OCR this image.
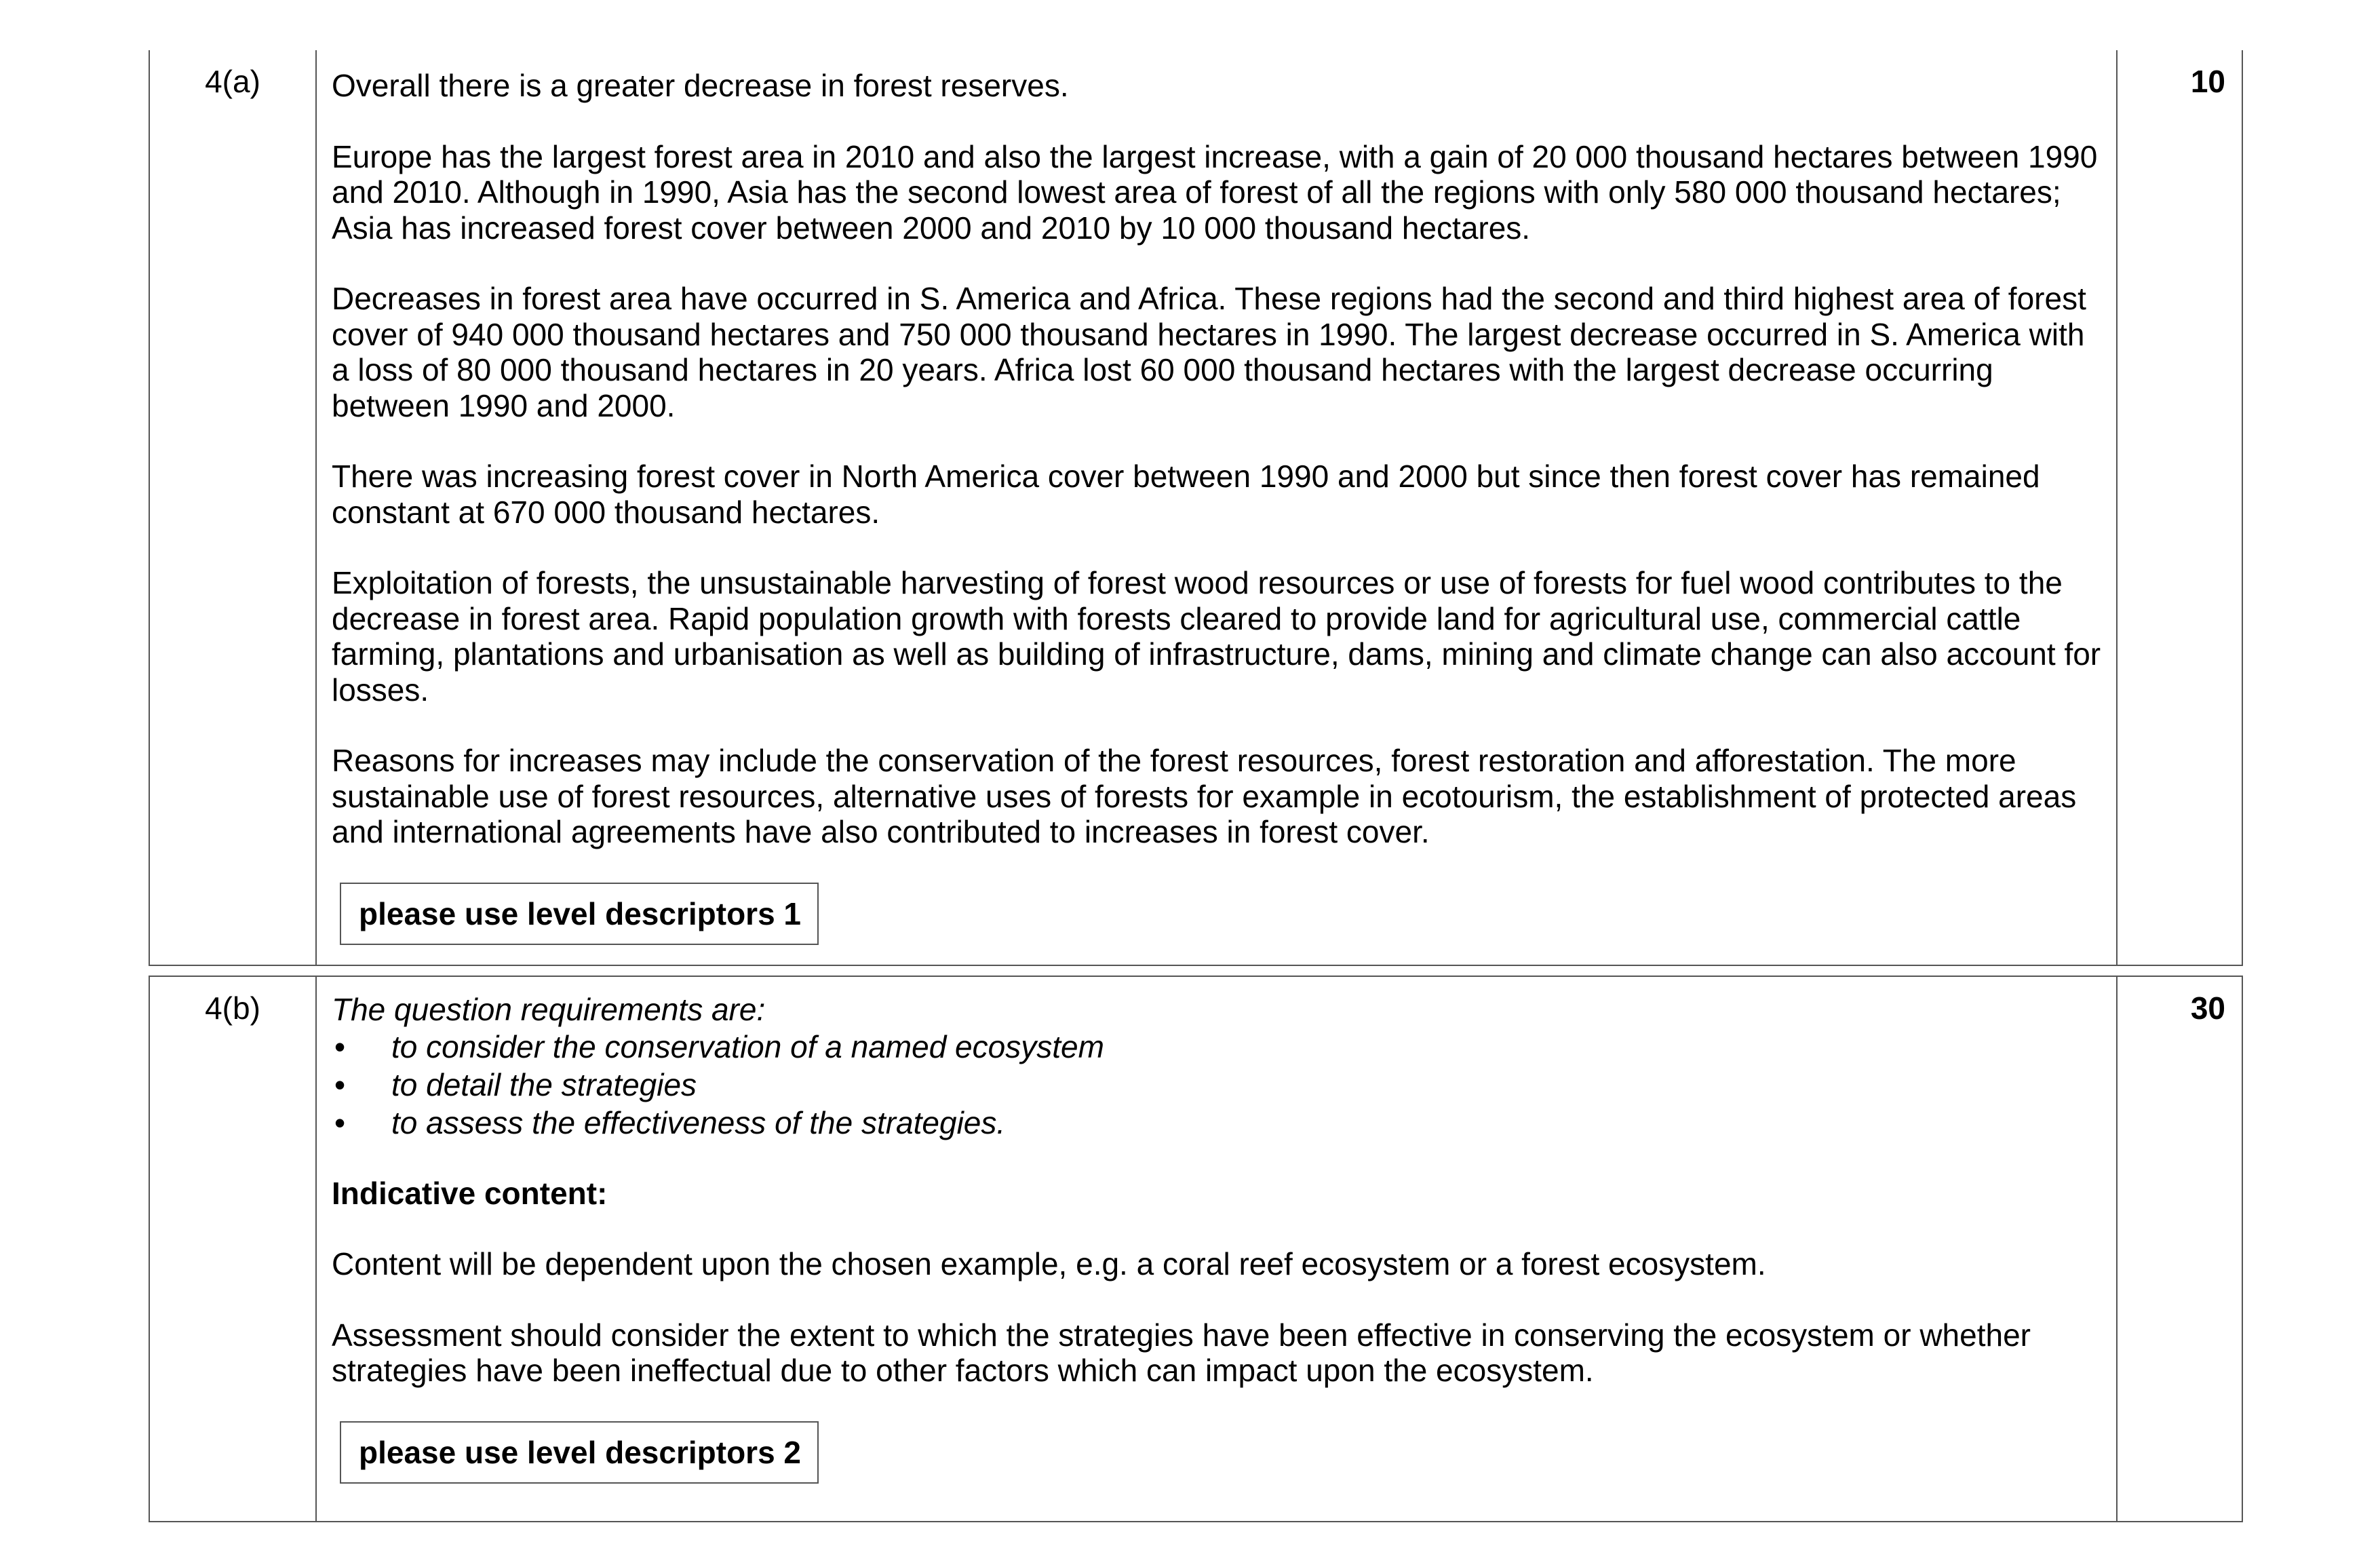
4(a)	Overall there is a greater decrease in forest reserves.

Europe has the largest forest area in 2010 and also the largest increase, with a gain of 20 000 thousand hectares between 1990 and 2010. Although in 1990, Asia has the second lowest area of forest of all the regions with only 580 000 thousand hectares; Asia has increased forest cover between 2000 and 2010 by 10 000 thousand hectares.

Decreases in forest area have occurred in S. America and Africa. These regions had the second and third highest area of forest cover of 940 000 thousand hectares and 750 000 thousand hectares in 1990. The largest decrease occurred in S. America with a loss of 80 000 thousand hectares in 20 years. Africa lost 60 000 thousand hectares with the largest decrease occurring between 1990 and 2000.

There was increasing forest cover in North America cover between 1990 and 2000 but since then forest cover has remained constant at 670 000 thousand hectares.

Exploitation of forests, the unsustainable harvesting of forest wood resources or use of forests for fuel wood contributes to the decrease in forest area. Rapid population growth with forests cleared to provide land for agricultural use, commercial cattle farming, plantations and urbanisation as well as building of infrastructure, dams, mining and climate change can also account for losses.

Reasons for increases may include the conservation of the forest resources, forest restoration and afforestation. The more sustainable use of forest resources, alternative uses of forests for example in ecotourism, the establishment of protected areas and international agreements have also contributed to increases in forest cover.

please use level descriptors 1
10
4(b)	The question requirements are:

• to consider the conservation of a named ecosystem
• to detail the strategies
• to assess the effectiveness of the strategies.

Indicative content:

Content will be dependent upon the chosen example, e.g. a coral reef ecosystem or a forest ecosystem.

Assessment should consider the extent to which the strategies have been effective in conserving the ecosystem or whether strategies have been ineffectual due to other factors which can impact upon the ecosystem.

please use level descriptors 2
30
